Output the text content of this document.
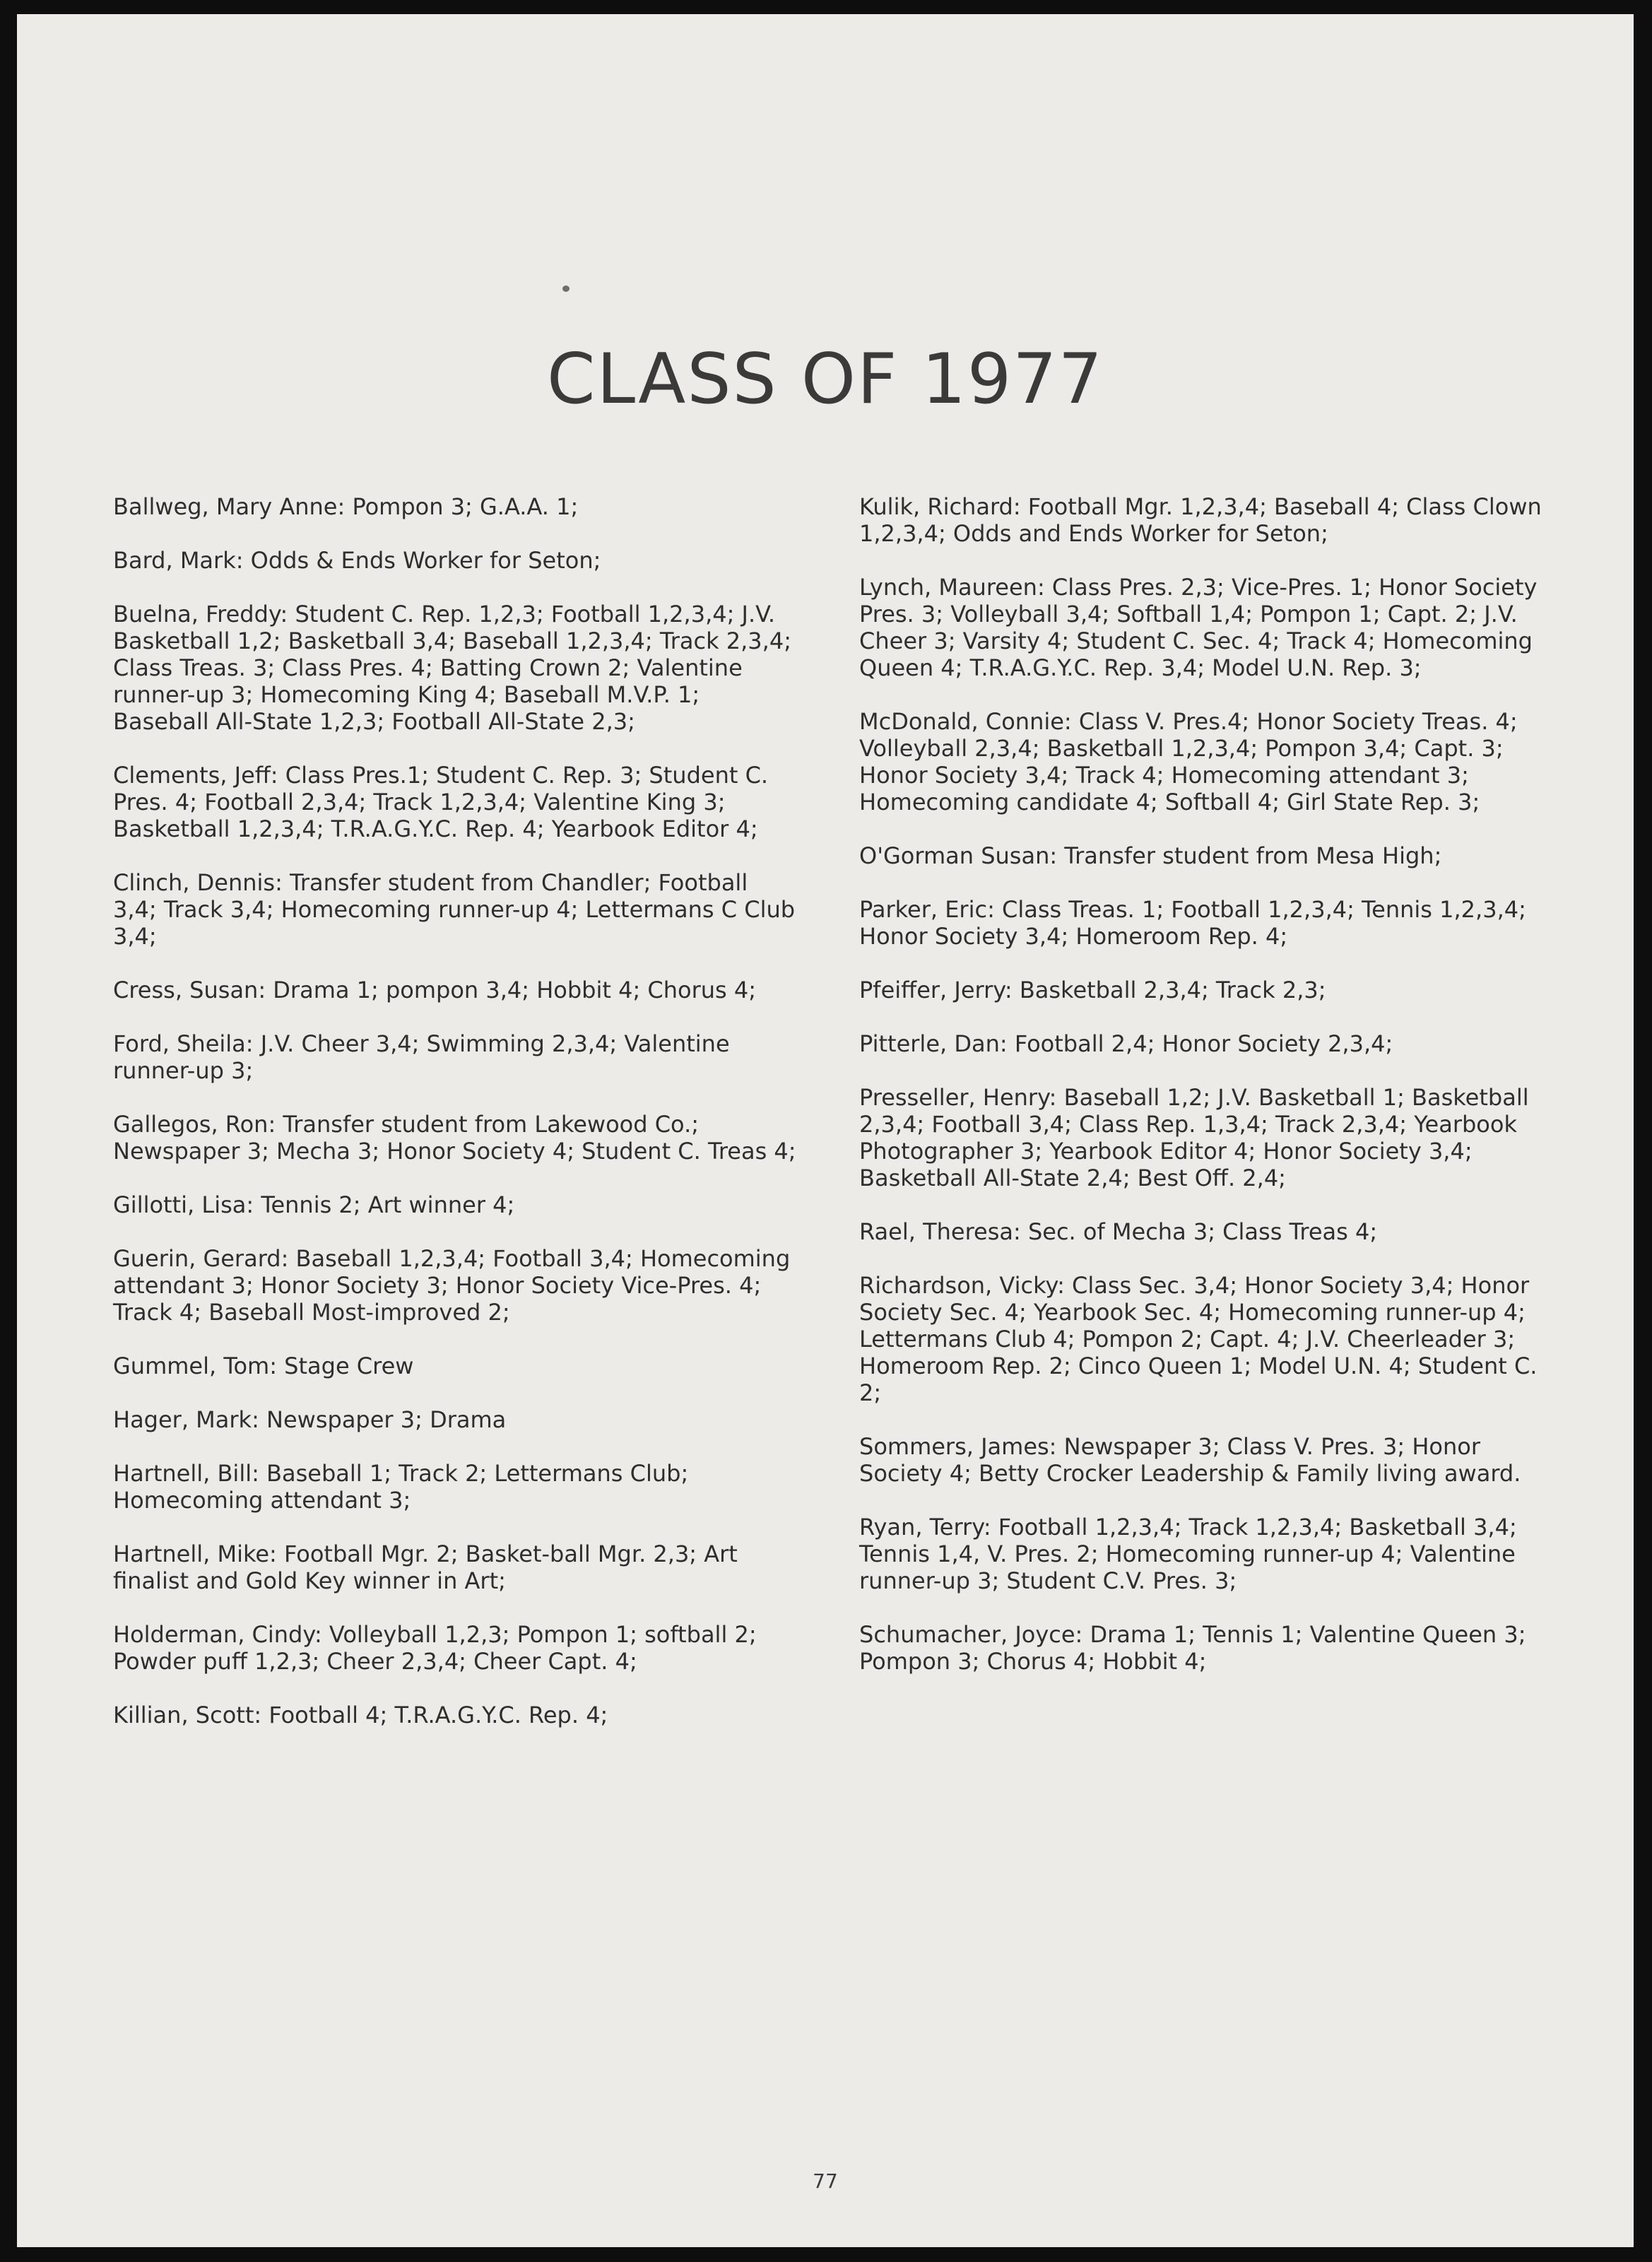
CLASS OF 1977

Ballweg, Mary Anne: Pompon 3; G.A.A. 1;

Bard, Mark: Odds & Ends Worker for Seton;

Buelna, Freddy: Student C. Rep. 1,2,3; Football 1,2,3,4; J.V. Basketball 1,2; Basketball 3,4; Baseball 1,2,3,4; Track 2,3,4; Class Treas. 3; Class Pres. 4; Batting Crown 2; Valentine runner-up 3; Homecoming King 4; Baseball M.V.P. 1; Baseball All-State 1,2,3; Football All-State 2,3;

Clements, Jeff: Class Pres.1; Student C. Rep. 3; Student C. Pres. 4; Football 2,3,4; Track 1,2,3,4; Valentine King 3; Basketball 1,2,3,4; T.R.A.G.Y.C. Rep. 4; Yearbook Editor 4;

Clinch, Dennis: Transfer student from Chandler; Football 3,4; Track 3,4; Homecoming runner-up 4; Lettermans C Club 3,4;

Cress, Susan: Drama 1; pompon 3,4; Hobbit 4; Chorus 4;

Ford, Sheila: J.V. Cheer 3,4; Swimming 2,3,4; Valentine runner-up 3;

Gallegos, Ron: Transfer student from Lakewood Co.; Newspaper 3; Mecha 3; Honor Society 4; Student C. Treas 4;

Gillotti, Lisa: Tennis 2; Art winner 4;

Guerin, Gerard: Baseball 1,2,3,4; Football 3,4; Homecoming attendant 3; Honor Society 3; Honor Society Vice-Pres. 4; Track 4; Baseball Most-improved 2;

Gummel, Tom: Stage Crew

Hager, Mark: Newspaper 3; Drama

Hartnell, Bill: Baseball 1; Track 2; Lettermans Club; Homecoming attendant 3;

Hartnell, Mike: Football Mgr. 2; Basket-ball Mgr. 2,3; Art finalist and Gold Key winner in Art;

Holderman, Cindy: Volleyball 1,2,3; Pompon 1; softball 2; Powder puff 1,2,3; Cheer 2,3,4; Cheer Capt. 4;

Killian, Scott: Football 4; T.R.A.G.Y.C. Rep. 4;

Kulik, Richard: Football Mgr. 1,2,3,4; Baseball 4; Class Clown 1,2,3,4; Odds and Ends Worker for Seton;

Lynch, Maureen: Class Pres. 2,3; Vice-Pres. 1; Honor Society Pres. 3; Volleyball 3,4; Softball 1,4; Pompon 1; Capt. 2; J.V. Cheer 3; Varsity 4; Student C. Sec. 4; Track 4; Homecoming Queen 4; T.R.A.G.Y.C. Rep. 3,4; Model U.N. Rep. 3;

McDonald, Connie: Class V. Pres.4; Honor Society Treas. 4; Volleyball 2,3,4; Basketball 1,2,3,4; Pompon 3,4; Capt. 3; Honor Society 3,4; Track 4; Homecoming attendant 3; Homecoming candidate 4; Softball 4; Girl State Rep. 3;

O'Gorman Susan: Transfer student from Mesa High;

Parker, Eric: Class Treas. 1; Football 1,2,3,4; Tennis 1,2,3,4; Honor Society 3,4; Homeroom Rep. 4;

Pfeiffer, Jerry: Basketball 2,3,4; Track 2,3;

Pitterle, Dan: Football 2,4; Honor Society 2,3,4;

Presseller, Henry: Baseball 1,2; J.V. Basketball 1; Basketball 2,3,4; Football 3,4; Class Rep. 1,3,4; Track 2,3,4; Yearbook Photographer 3; Yearbook Editor 4; Honor Society 3,4; Basketball All-State 2,4; Best Off. 2,4;

Rael, Theresa: Sec. of Mecha 3; Class Treas 4;

Richardson, Vicky: Class Sec. 3,4; Honor Society 3,4; Honor Society Sec. 4; Yearbook Sec. 4; Homecoming runner-up 4; Lettermans Club 4; Pompon 2; Capt. 4; J.V. Cheerleader 3; Homeroom Rep. 2; Cinco Queen 1; Model U.N. 4; Student C. 2;

Sommers, James: Newspaper 3; Class V. Pres. 3; Honor Society 4; Betty Crocker Leadership & Family living award.

Ryan, Terry: Football 1,2,3,4; Track 1,2,3,4; Basketball 3,4; Tennis 1,4, V. Pres. 2; Homecoming runner-up 4; Valentine runner-up 3; Student C.V. Pres. 3;

Schumacher, Joyce: Drama 1; Tennis 1; Valentine Queen 3; Pompon 3; Chorus 4; Hobbit 4;

77
